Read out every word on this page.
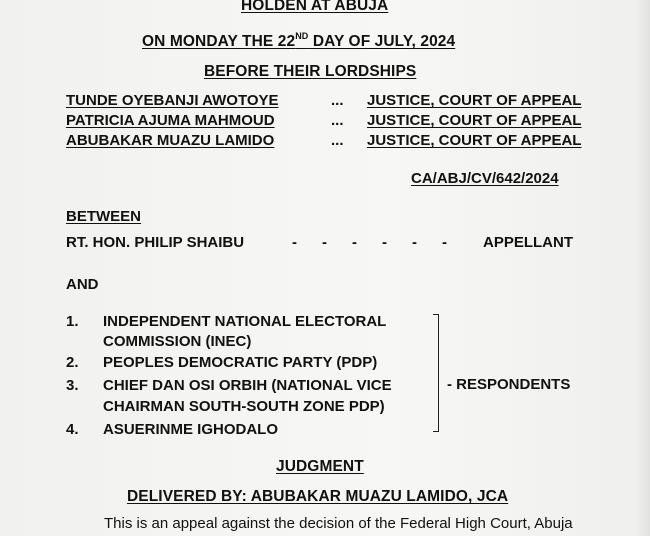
HOLDEN AT ABUJA
ON MONDAY THE 22ND DAY OF JULY, 2024
BEFORE THEIR LORDSHIPS
TUNDE OYEBANJI AWOTOYE	... JUSTICE, COURT OF APPEAL
PATRICIA AJUMA MAHMOUD	... JUSTICE, COURT OF APPEAL
ABUBAKAR MUAZU LAMIDO	... JUSTICE, COURT OF APPEAL
CA/ABJ/CV/642/2024
BETWEEN
RT. HON. PHILIP SHAIBU	-      -      -      -      -      - APPELLANT
AND
1. INDEPENDENT NATIONAL ELECTORAL
COMMISSION (INEC)
2. PEOPLES DEMOCRATIC PARTY (PDP)
3. CHIEF DAN OSI ORBIH (NATIONAL VICE
CHAIRMAN SOUTH-SOUTH ZONE PDP)
4. ASUERINME IGHODALO
- RESPONDENTS
JUDGMENT
DELIVERED BY: ABUBAKAR MUAZU LAMIDO, JCA
This is an appeal against the decision of the Federal High Court, Abuja
